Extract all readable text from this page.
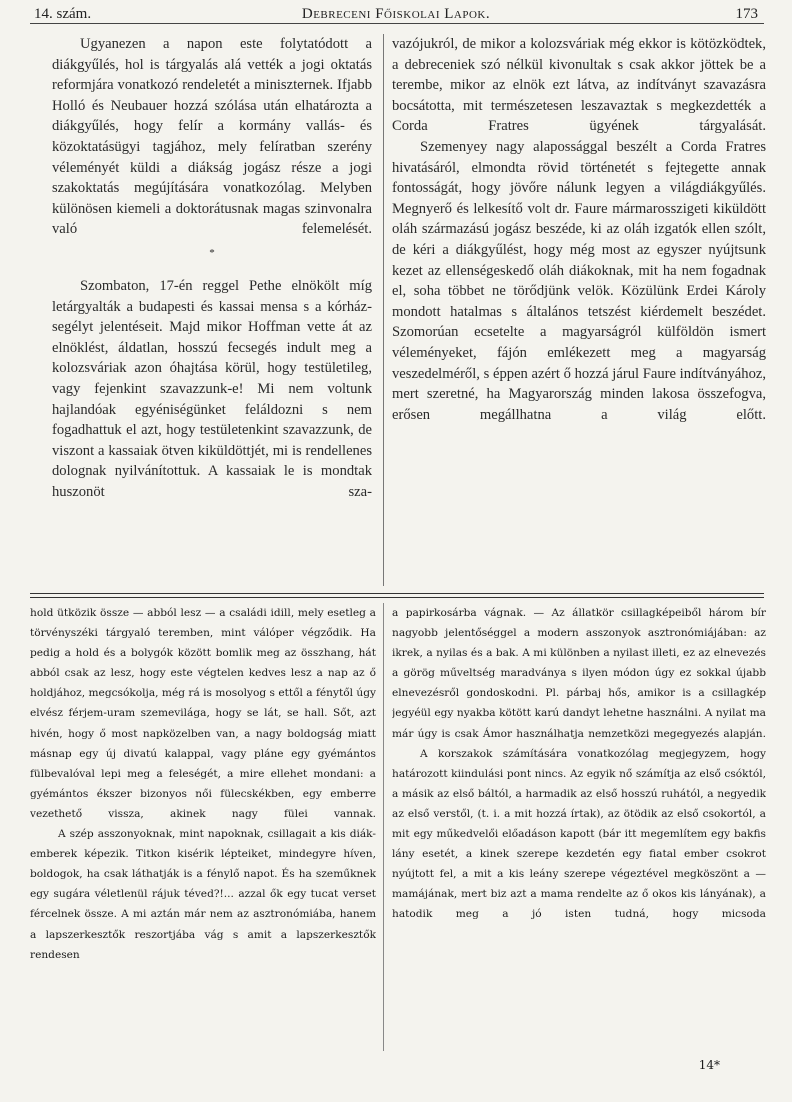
14. szám.	Debreceni Főiskolai Lapok.	173

Ugyanezen a napon este folytatódott a diákgyűlés, hol is tárgyalás alá vették a jogi oktatás reformjára vonatkozó rendeletét a miniszternek. Ifjabb Holló és Neubauer hozzá szólása után elhatározta a diákgyűlés, hogy felír a kormány vallás- és közoktatásügyi tagjához, mely felíratban szerény véleményét küldi a diákság jogász része a jogi szakoktatás megújítására vonatkozólag. Melyben különösen kiemeli a doktorátusnak magas szinvonalra való felemelését.

*

Szombaton, 17-én reggel Pethe elnökölt míg letárgyalták a budapesti és kassai mensa s a kórház-segélyt jelentéseit. Majd mikor Hoffman vette át az elnöklést, áldatlan, hosszú fecsegés indult meg a kolozsváriak azon óhajtása körül, hogy testületileg, vagy fejenkint szavazzunk-e! Mi nem voltunk hajlandóak egyéniségünket feláldozni s nem fogadhattuk el azt, hogy testületenkint szavazzunk, de viszont a kassaiak ötven kiküldöttjét, mi is rendellenes dolognak nyilvánítottuk. A kassaiak le is mondtak huszonöt sza-

vazójukról, de mikor a kolozsváriak még ekkor is kötözködtek, a debreceniek szó nélkül kivonultak s csak akkor jöttek be a terembe, mikor az elnök ezt látva, az indítványt szavazásra bocsátotta, mit természetesen leszavaztak s megkezdették a Corda Fratres ügyének tárgyalását.

Szemenyey nagy alapossággal beszélt a Corda Fratres hivatásáról, elmondta rövid történetét s fejtegette annak fontosságát, hogy jövőre nálunk legyen a világdiákgyűlés. Megnyerő és lelkesítő volt dr. Faure mármarosszigeti kiküldött oláh származású jogász beszéde, ki az oláh izgatók ellen szólt, de kéri a diákgyűlést, hogy még most az egyszer nyújtsunk kezet az ellenségeskedő oláh diákoknak, mit ha nem fogadnak el, soha többet ne törődjünk velök. Közülünk Erdei Károly mondott hatalmas s általános tetszést kiérdemelt beszédet. Szomorúan ecsetelte a magyarságról külföldön ismert véleményeket, fájón emlékezett meg a magyarság veszedelméről, s éppen azért ő hozzá járul Faure indítványához, mert szeretné, ha Magyarország minden lakosa összefogva, erősen megállhatna a világ előtt.

hold ütközik össze — abból lesz — a családi idill, mely esetleg a törvényszéki tárgyaló teremben, mint válóper végződik. Ha pedig a hold és a bolygók között bomlik meg az összhang, hát abból csak az lesz, hogy este végtelen kedves lesz a nap az ő holdjához, megcsókolja, még rá is mosolyog s ettől a fénytől úgy elvész férjem-uram szemevilága, hogy se lát, se hall. Sőt, azt hivén, hogy ő most napközelben van, a nagy boldogság miatt másnap egy új divatú kalappal, vagy pláne egy gyémántos fülbevalóval lepi meg a feleségét, a mire ellehet mondani: a gyémántos ékszer bizonyos női fülecskékben, egy emberre vezethető vissza, akinek nagy fülei vannak.

A szép asszonyoknak, mint napoknak, csillagait a kis diák-emberek képezik. Titkon kisérik lépteiket, mindegyre híven, boldogok, ha csak láthatják is a fénylő napot. És ha szeműknek egy sugára véletlenül rájuk téved?!... azzal ők egy tucat verset fércelnek össze. A mi aztán már nem az asztronómiába, hanem a lapszerkesztők reszortjába vág s amit a lapszerkesztők rendesen

a papirkosárba vágnak. — Az állatkör csillagképeiből három bír nagyobb jelentőséggel a modern asszonyok asztronómiájában: az ikrek, a nyilas és a bak. A mi különben a nyilast illeti, ez az elnevezés a görög műveltség maradványa s ilyen módon úgy ez sokkal újabb elnevezésről gondoskodni. Pl. párbaj hős, amikor is a csillagkép jegyéül egy nyakba kötött karú dandyt lehetne használni. A nyilat ma már úgy is csak Ámor használhatja nemzetközi megegyezés alapján.

A korszakok számítására vonatkozólag megjegyzem, hogy határozott kiindulási pont nincs. Az egyik nő számítja az első csóktól, a másik az első báltól, a harmadik az első hosszú ruhától, a negyedik az első verstől, (t. i. a mit hozzá írtak), az ötödik az első csokortól, a mit egy műkedvelői előadáson kapott (bár itt megemlítem egy bakfis lány esetét, a kinek szerepe kezdetén egy fiatal ember csokrot nyújtott fel, a mit a kis leány szerepe végeztével megköszönt a — mamájának, mert biz azt a mama rendelte az ő okos kis lányának), a hatodik meg a jó isten tudná, hogy micsoda

14*
